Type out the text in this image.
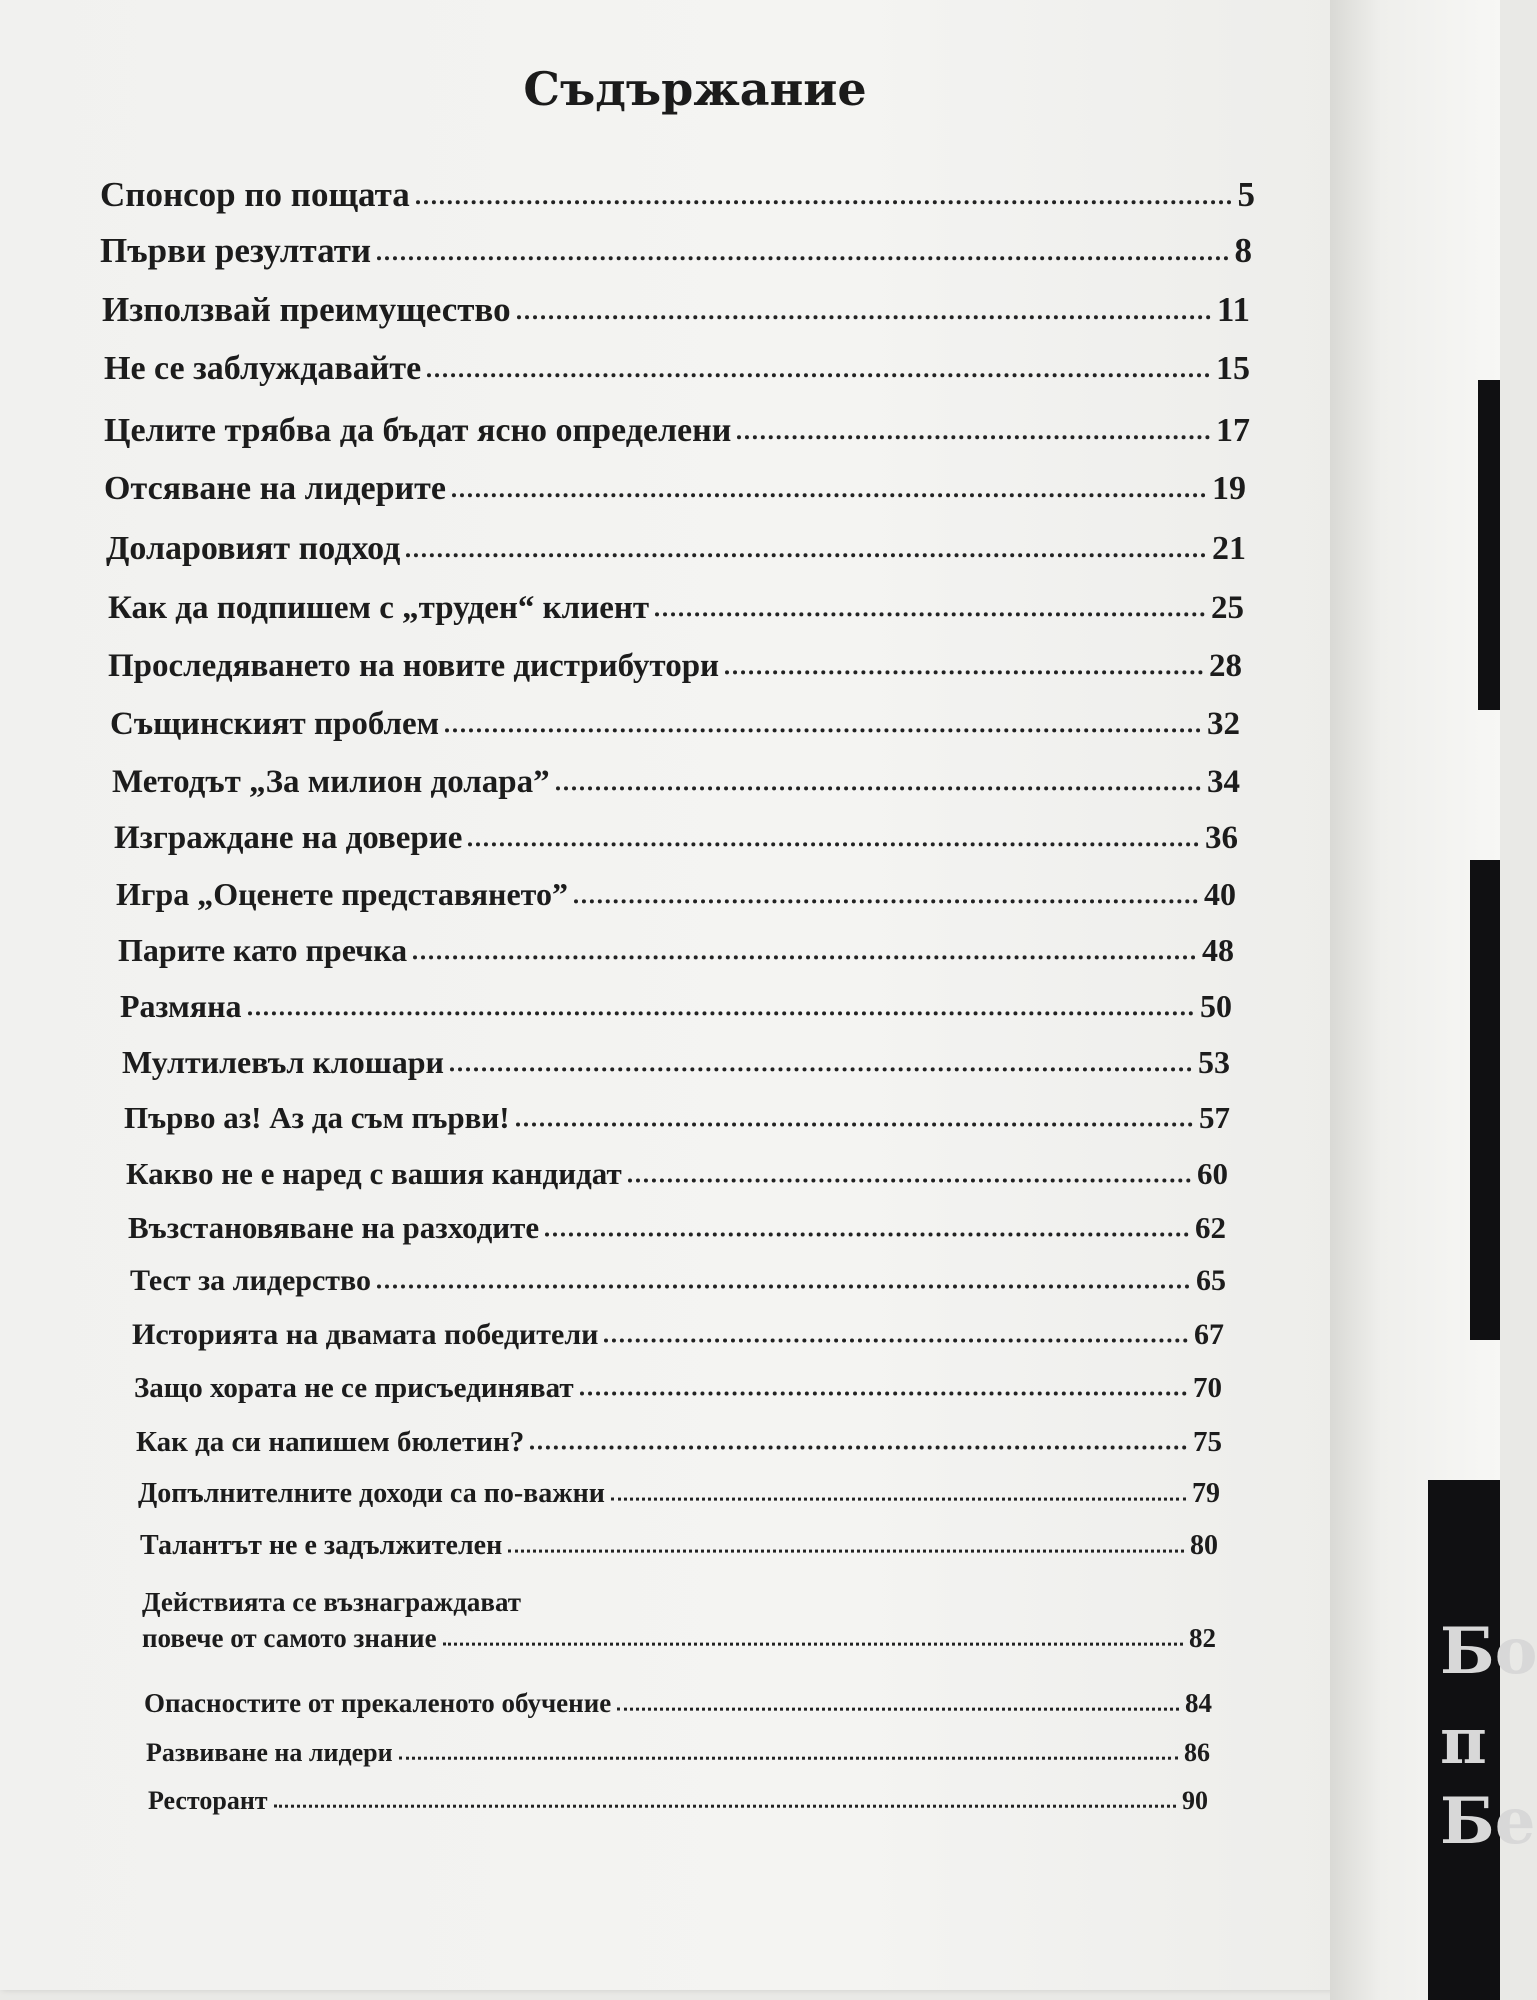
Съдържание
Спонсор по пощата	5
Първи резултати	8
Използвай преимущество	11
Не се заблуждавайте	15
Целите трябва да бъдат ясно определени	17
Отсяване на лидерите	19
Доларовият подход	21
Как да подпишем с „труден“ клиент	25
Проследяването на новите дистрибутори	28
Същинският проблем	32
Методът „За милион долара”	34
Изграждане на доверие	36
Игра „Оценете представянето”	40
Парите като пречка	48
Размяна	50
Мултилевъл клошари	53
Първо аз! Аз да съм първи!	57
Какво не е наред с вашия кандидат	60
Възстановяване на разходите	62
Тест за лидерство	65
Историята на двамата победители	67
Защо хората не се присъединяват	70
Как да си напишем бюлетин?	75
Допълнителните доходи са по-важни	79
Талантът не е задължителен	80
Действията се възнаграждават
повече от самото знание	82
Опасностите от прекаленото обучение	84
Развиване на лидери	86
Ресторант	90
Бо
п
Бе
